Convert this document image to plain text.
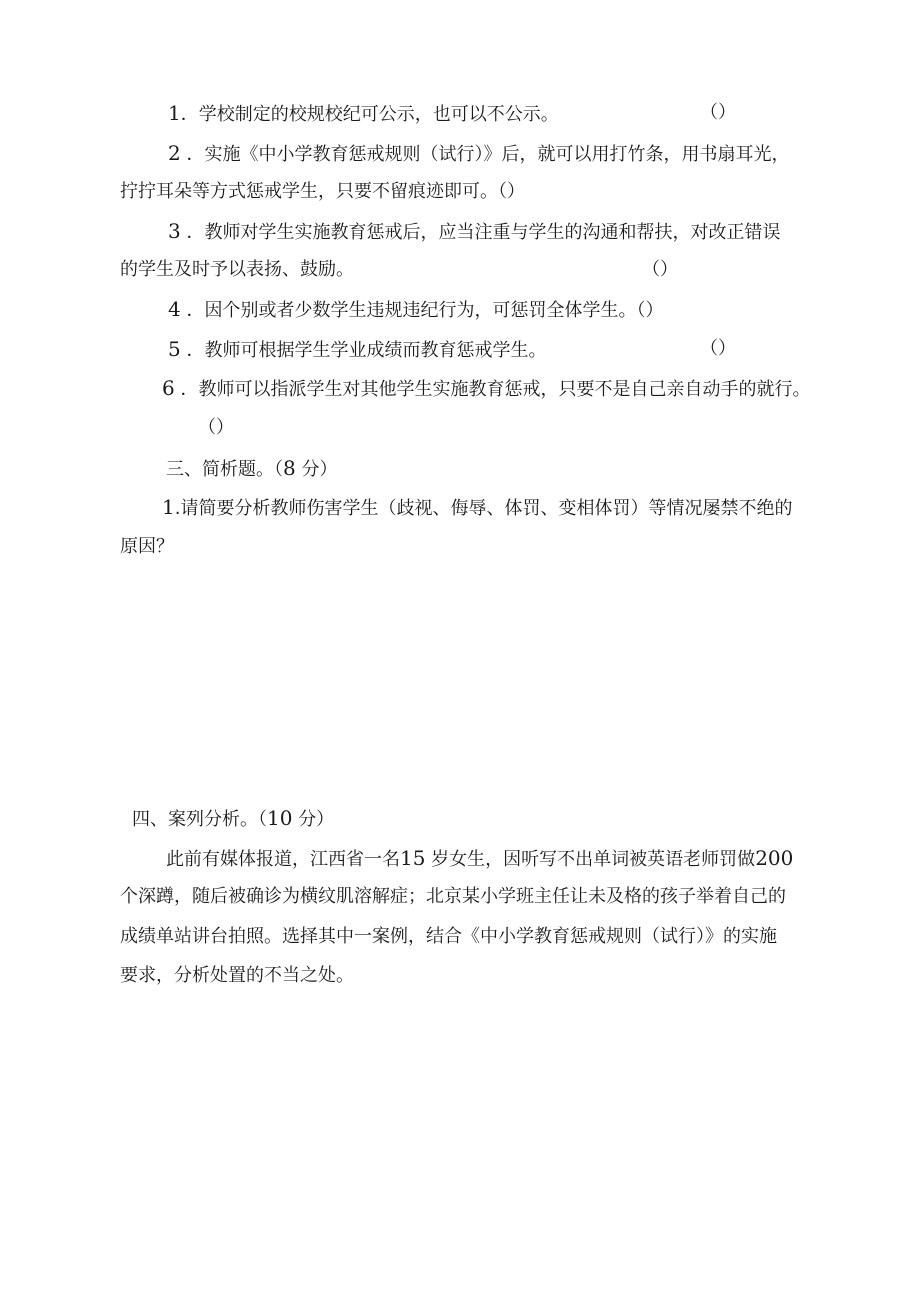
1．学校制定的校规校纪可公示，也可以不公示。	（）
2 ．实施《中小学教育惩戒规则（试行）》后，就可以用打竹条，用书扇耳光，
拧拧耳朵等方式惩戒学生，只要不留痕迹即可。（）
3 ．教师对学生实施教育惩戒后，应当注重与学生的沟通和帮扶，对改正错误
的学生及时予以表扬、鼓励。	（）
4 ．因个别或者少数学生违规违纪行为，可惩罚全体学生。（）
5 ．教师可根据学生学业成绩而教育惩戒学生。	（）
6 ．教师可以指派学生对其他学生实施教育惩戒，只要不是自己亲自动手的就行。
（）
三、简析题。（8 分）
1.请简要分析教师伤害学生（歧视、侮辱、体罚、变相体罚）等情况屡禁不绝的
原因？
四、案列分析。（10 分）
此前有媒体报道，江西省一名15 岁女生，因听写不出单词被英语老师罚做200
个深蹲，随后被确诊为横纹肌溶解症；北京某小学班主任让未及格的孩子举着自己的
成绩单站讲台拍照。选择其中一案例，结合《中小学教育惩戒规则（试行）》的实施
要求，分析处置的不当之处。
